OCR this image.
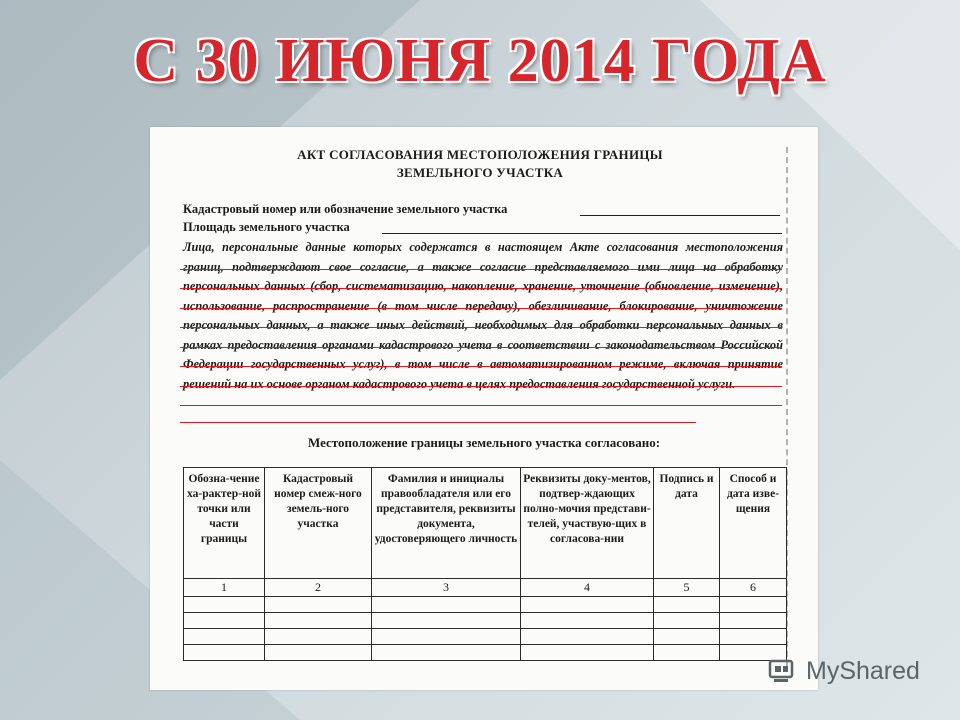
С 30 ИЮНЯ 2014 ГОДА
АКТ СОГЛАСОВАНИЯ МЕСТОПОЛОЖЕНИЯ ГРАНИЦЫ
ЗЕМЕЛЬНОГО УЧАСТКА
Кадастровый номер или обозначение земельного участка
Площадь земельного участка
Лица, персональные данные которых содержатся в настоящем Акте согласования местоположения границ, подтверждают свое согласие, а также согласие представляемого ими лица на обработку персональных данных (сбор, систематизацию, накопление, хранение, уточнение (обновление, изменение), использование, распространение (в том числе передачу), обезличивание, блокирование, уничтожение персональных данных, а также иных действий, необходимых для обработки персональных данных в рамках предоставления органами кадастрового учета в соответствии с законодательством Российской Федерации государственных услуг), в том числе в автоматизированном режиме, включая принятие решений на их основе органом кадастрового учета в целях предоставления государственной услуги.
Местоположение границы земельного участка согласовано:
Обозна-чение ха-рактер-ной точки или части границы	Кадастровый номер смеж-ного земель-ного участка	Фамилия и инициалы правообладателя или его представителя, реквизиты документа, удостоверяющего личность	Реквизиты доку-ментов, подтвер-ждающих полно-мочия представи-телей, участвую-щих в согласова-нии	Подпись и дата	Способ и дата изве-щения
1	2	3	4	5	6

MyShared
